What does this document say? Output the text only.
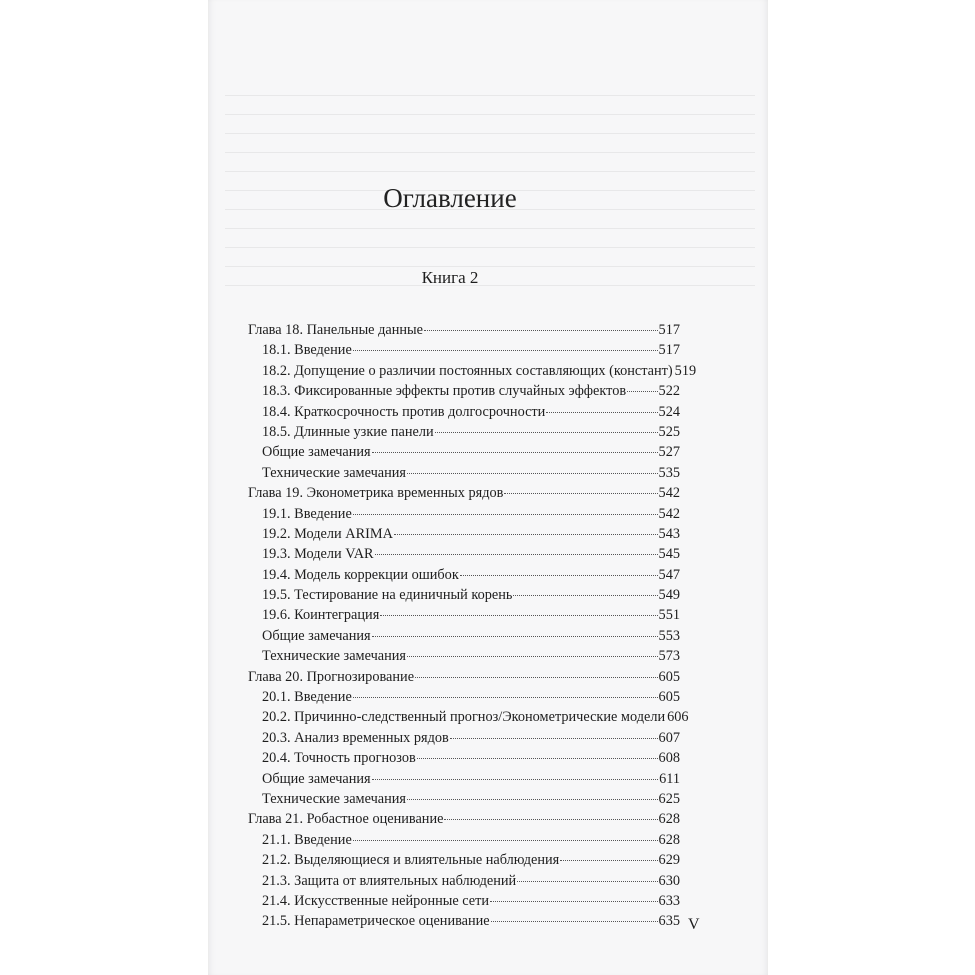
Оглавление
Книга 2
Глава 18. Панельные данные	517
18.1. Введение	517
18.2. Допущение о различии постоянных составляющих (констант) 519
18.3. Фиксированные эффекты против случайных эффектов 522
18.4. Краткосрочность против долгосрочности	524
18.5. Длинные узкие панели	525
Общие замечания	527
Технические замечания	535
Глава 19. Эконометрика временных рядов	542
19.1. Введение	542
19.2. Модели ARIMA	543
19.3. Модели VAR	545
19.4. Модель коррекции ошибок	547
19.5. Тестирование на единичный корень	549
19.6. Коинтеграция	551
Общие замечания	553
Технические замечания	573
Глава 20. Прогнозирование	605
20.1. Введение	605
20.2. Причинно-следственный прогноз/Эконометрические модели 606
20.3. Анализ временных рядов	607
20.4. Точность прогнозов	608
Общие замечания	611
Технические замечания	625
Глава 21. Робастное оценивание	628
21.1. Введение	628
21.2. Выделяющиеся и влиятельные наблюдения	629
21.3. Защита от влиятельных наблюдений	630
21.4. Искусственные нейронные сети	633
21.5. Непараметрическое оценивание	635 V
